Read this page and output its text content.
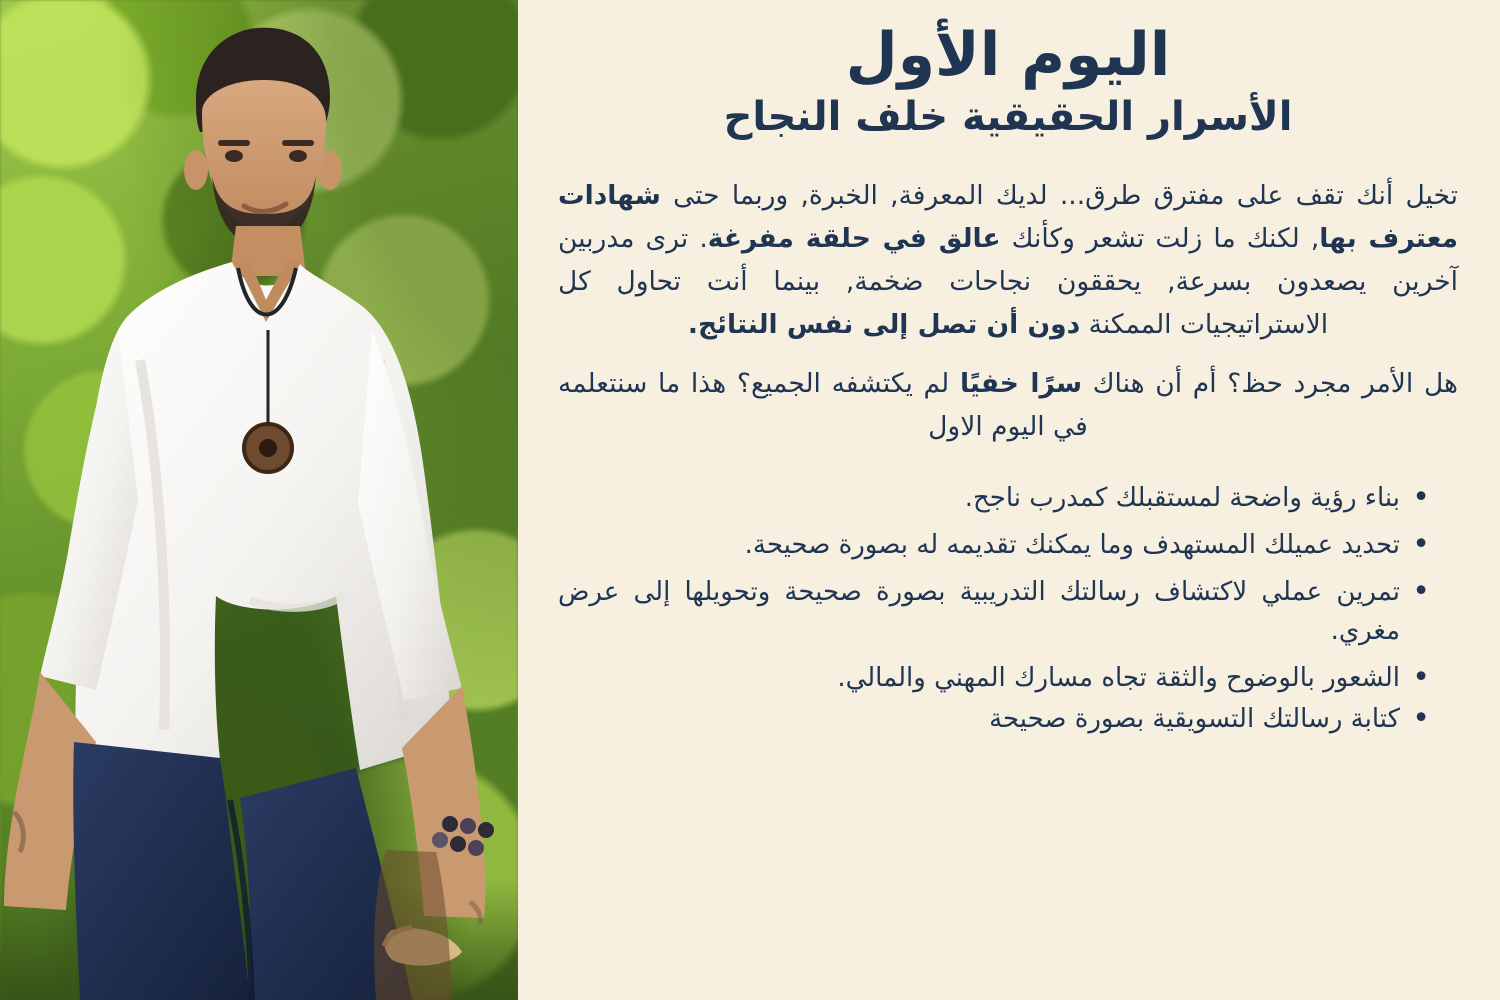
اليوم الأول
الأسرار الحقيقية خلف النجاح

تخيل أنك تقف على مفترق طرق... لديك المعرفة, الخبرة, وربما حتى شهادات معترف بها, لكنك ما زلت تشعر وكأنك عالق في حلقة مفرغة. ترى مدربين آخرين يصعدون بسرعة, يحققون نجاحات ضخمة, بينما أنت تحاول كل الاستراتيجيات الممكنة دون أن تصل إلى نفس النتائج.

هل الأمر مجرد حظ؟ أم أن هناك سرًا خفيًا لم يكتشفه الجميع؟ هذا ما سنتعلمه في اليوم الاول

• بناء رؤية واضحة لمستقبلك كمدرب ناجح.
• تحديد عميلك المستهدف وما يمكنك تقديمه له بصورة صحيحة.
• تمرين عملي لاكتشاف رسالتك التدريبية بصورة صحيحة وتحويلها إلى عرض مغري.
• الشعور بالوضوح والثقة تجاه مسارك المهني والمالي.
• كتابة رسالتك التسويقية بصورة صحيحة
